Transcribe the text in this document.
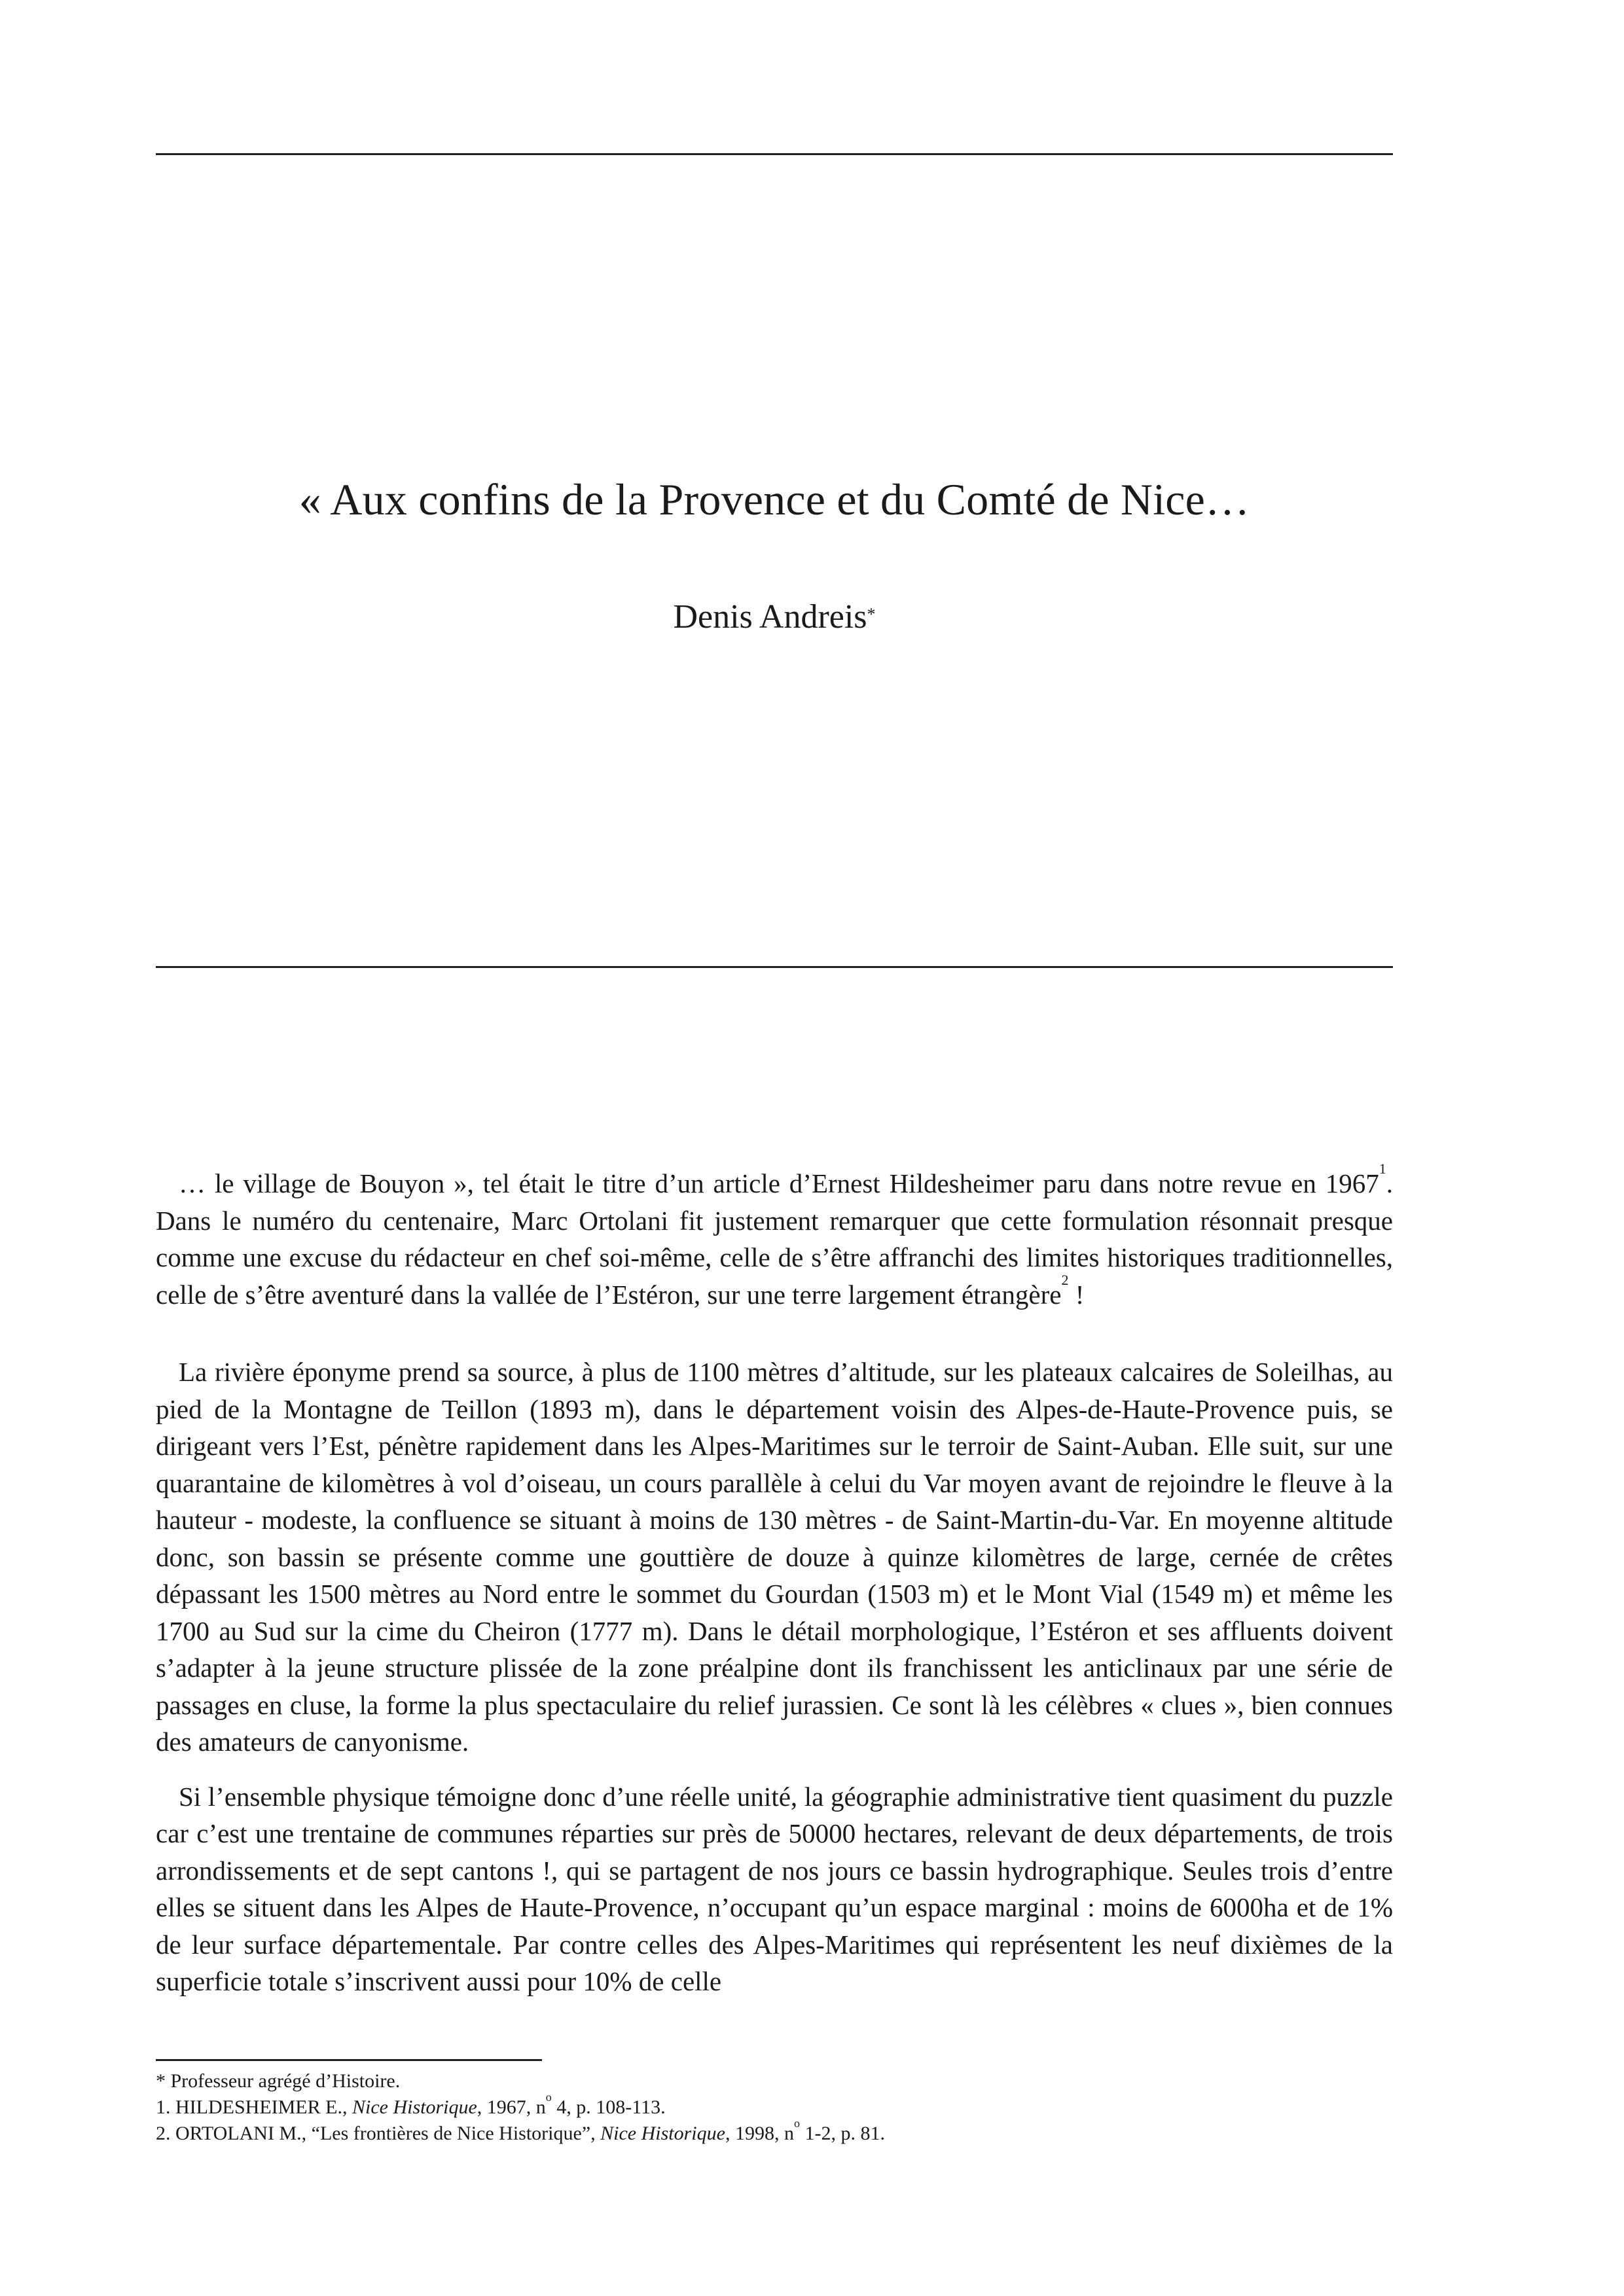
« Aux confins de la Provence et du Comté de Nice…
Denis Andreis*

… le village de Bouyon », tel était le titre d’un article d’Ernest Hildesheimer paru dans notre revue en 1967$^1$. Dans le numéro du centenaire, Marc Ortolani fit justement remarquer que cette formulation résonnait presque comme une excuse du rédacteur en chef soi-même, celle de s’être affranchi des limites historiques traditionnelles, celle de s’être aventuré dans la vallée de l’Estéron, sur une terre largement étrangère$^2$ !

La rivière éponyme prend sa source, à plus de 1100 mètres d’altitude, sur les plateaux calcaires de Soleilhas, au pied de la Montagne de Teillon (1893 m), dans le département voisin des Alpes-de-Haute-Provence puis, se dirigeant vers l’Est, pénètre rapidement dans les Alpes-Maritimes sur le terroir de Saint-Auban. Elle suit, sur une quarantaine de kilomètres à vol d’oiseau, un cours parallèle à celui du Var moyen avant de rejoindre le fleuve à la hauteur - modeste, la confluence se situant à moins de 130 mètres - de Saint-Martin-du-Var. En moyenne altitude donc, son bassin se présente comme une gouttière de douze à quinze kilomètres de large, cernée de crêtes dépassant les 1500 mètres au Nord entre le sommet du Gourdan (1503 m) et le Mont Vial (1549 m) et même les 1700 au Sud sur la cime du Cheiron (1777 m). Dans le détail morphologique, l’Estéron et ses affluents doivent s’adapter à la jeune structure plissée de la zone préalpine dont ils franchissent les anticlinaux par une série de passages en cluse, la forme la plus spectaculaire du relief jurassien. Ce sont là les célèbres « clues », bien connues des amateurs de canyonisme.

Si l’ensemble physique témoigne donc d’une réelle unité, la géographie administrative tient quasiment du puzzle car c’est une trentaine de communes réparties sur près de 50000 hectares, relevant de deux départements, de trois arrondissements et de sept cantons !, qui se partagent de nos jours ce bassin hydrographique. Seules trois d’entre elles se situent dans les Alpes de Haute-Provence, n’occupant qu’un espace marginal : moins de 6000ha et de 1% de leur surface départementale. Par contre celles des Alpes-Maritimes qui représentent les neuf dixièmes de la superficie totale s’inscrivent aussi pour 10% de celle

* Professeur agrégé d’Histoire.
1. HILDESHEIMER E., Nice Historique, 1967, $n^o$ 4, p. 108-113.
2. ORTOLANI M., “Les frontières de Nice Historique”, Nice Historique, 1998, $n^o$ 1-2, p. 81.
